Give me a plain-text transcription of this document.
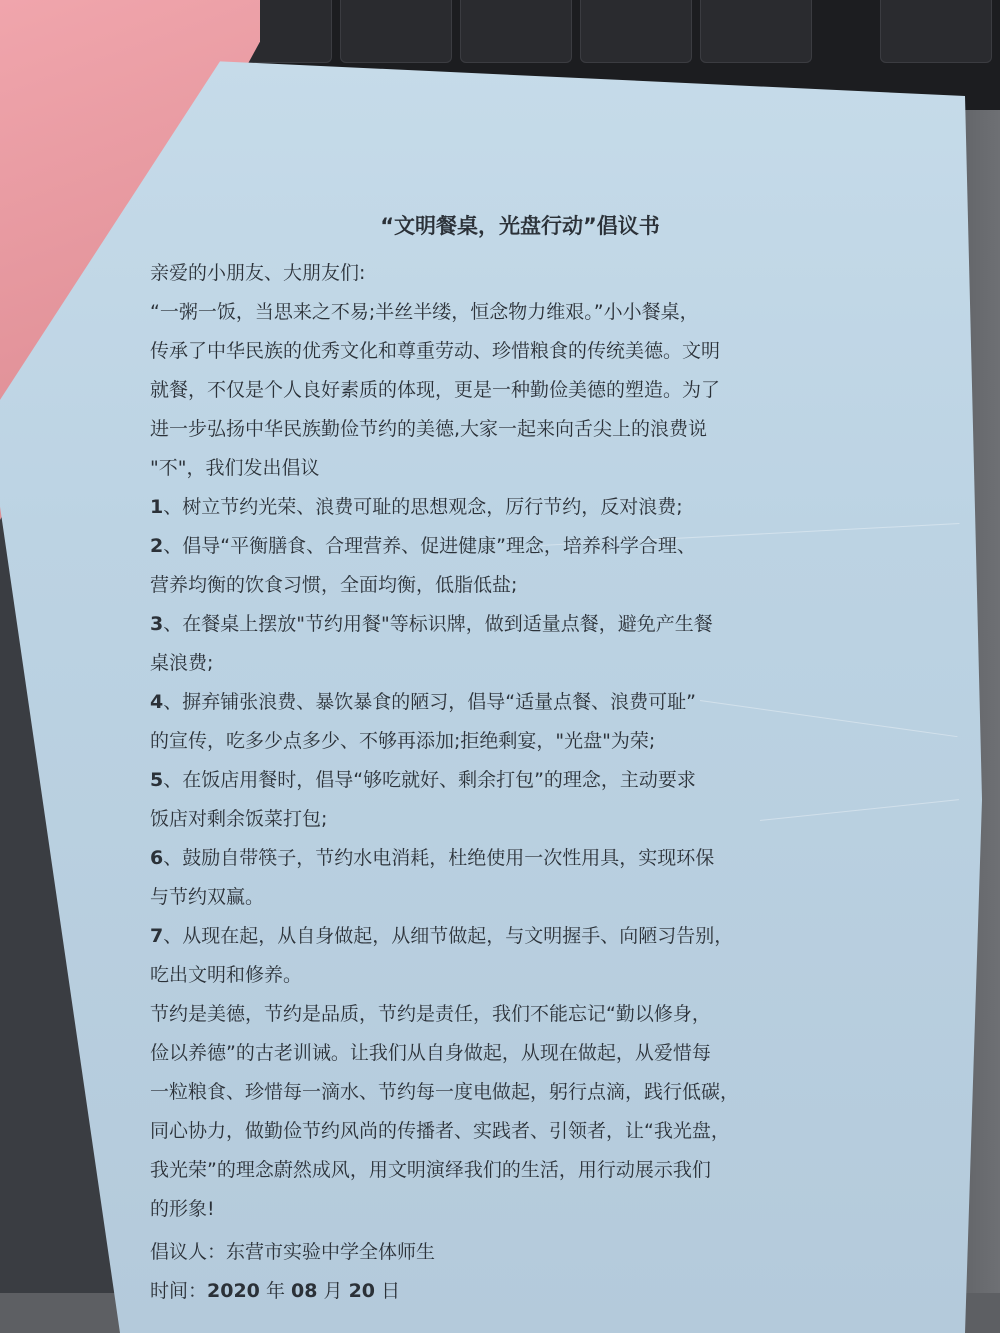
“文明餐桌，光盘行动”倡议书
亲爱的小朋友、大朋友们:
“一粥一饭，当思来之不易;半丝半缕，恒念物力维艰。”小小餐桌，
传承了中华民族的优秀文化和尊重劳动、珍惜粮食的传统美德。文明
就餐，不仅是个人良好素质的体现，更是一种勤俭美德的塑造。为了
进一步弘扬中华民族勤俭节约的美德,大家一起来向舌尖上的浪费说
"不"，我们发出倡议
1、树立节约光荣、浪费可耻的思想观念，厉行节约，反对浪费;
2、倡导“平衡膳食、合理营养、促进健康”理念，培养科学合理、
营养均衡的饮食习惯，全面均衡，低脂低盐;
3、在餐桌上摆放"节约用餐"等标识牌，做到适量点餐，避免产生餐
桌浪费;
4、摒弃铺张浪费、暴饮暴食的陋习，倡导“适量点餐、浪费可耻”
的宣传，吃多少点多少、不够再添加;拒绝剩宴，"光盘"为荣;
5、在饭店用餐时，倡导“够吃就好、剩余打包”的理念，主动要求
饭店对剩余饭菜打包;
6、鼓励自带筷子，节约水电消耗，杜绝使用一次性用具，实现环保
与节约双赢。
7、从现在起，从自身做起，从细节做起，与文明握手、向陋习告别，
吃出文明和修养。
节约是美德，节约是品质，节约是责任，我们不能忘记“勤以修身，
俭以养德”的古老训诫。让我们从自身做起，从现在做起，从爱惜每
一粒粮食、珍惜每一滴水、节约每一度电做起，躬行点滴，践行低碳，
同心协力，做勤俭节约风尚的传播者、实践者、引领者，让“我光盘，
我光荣”的理念蔚然成风，用文明演绎我们的生活，用行动展示我们
的形象!
倡议人：东营市实验中学全体师生
时间：2020 年 08 月 20 日
